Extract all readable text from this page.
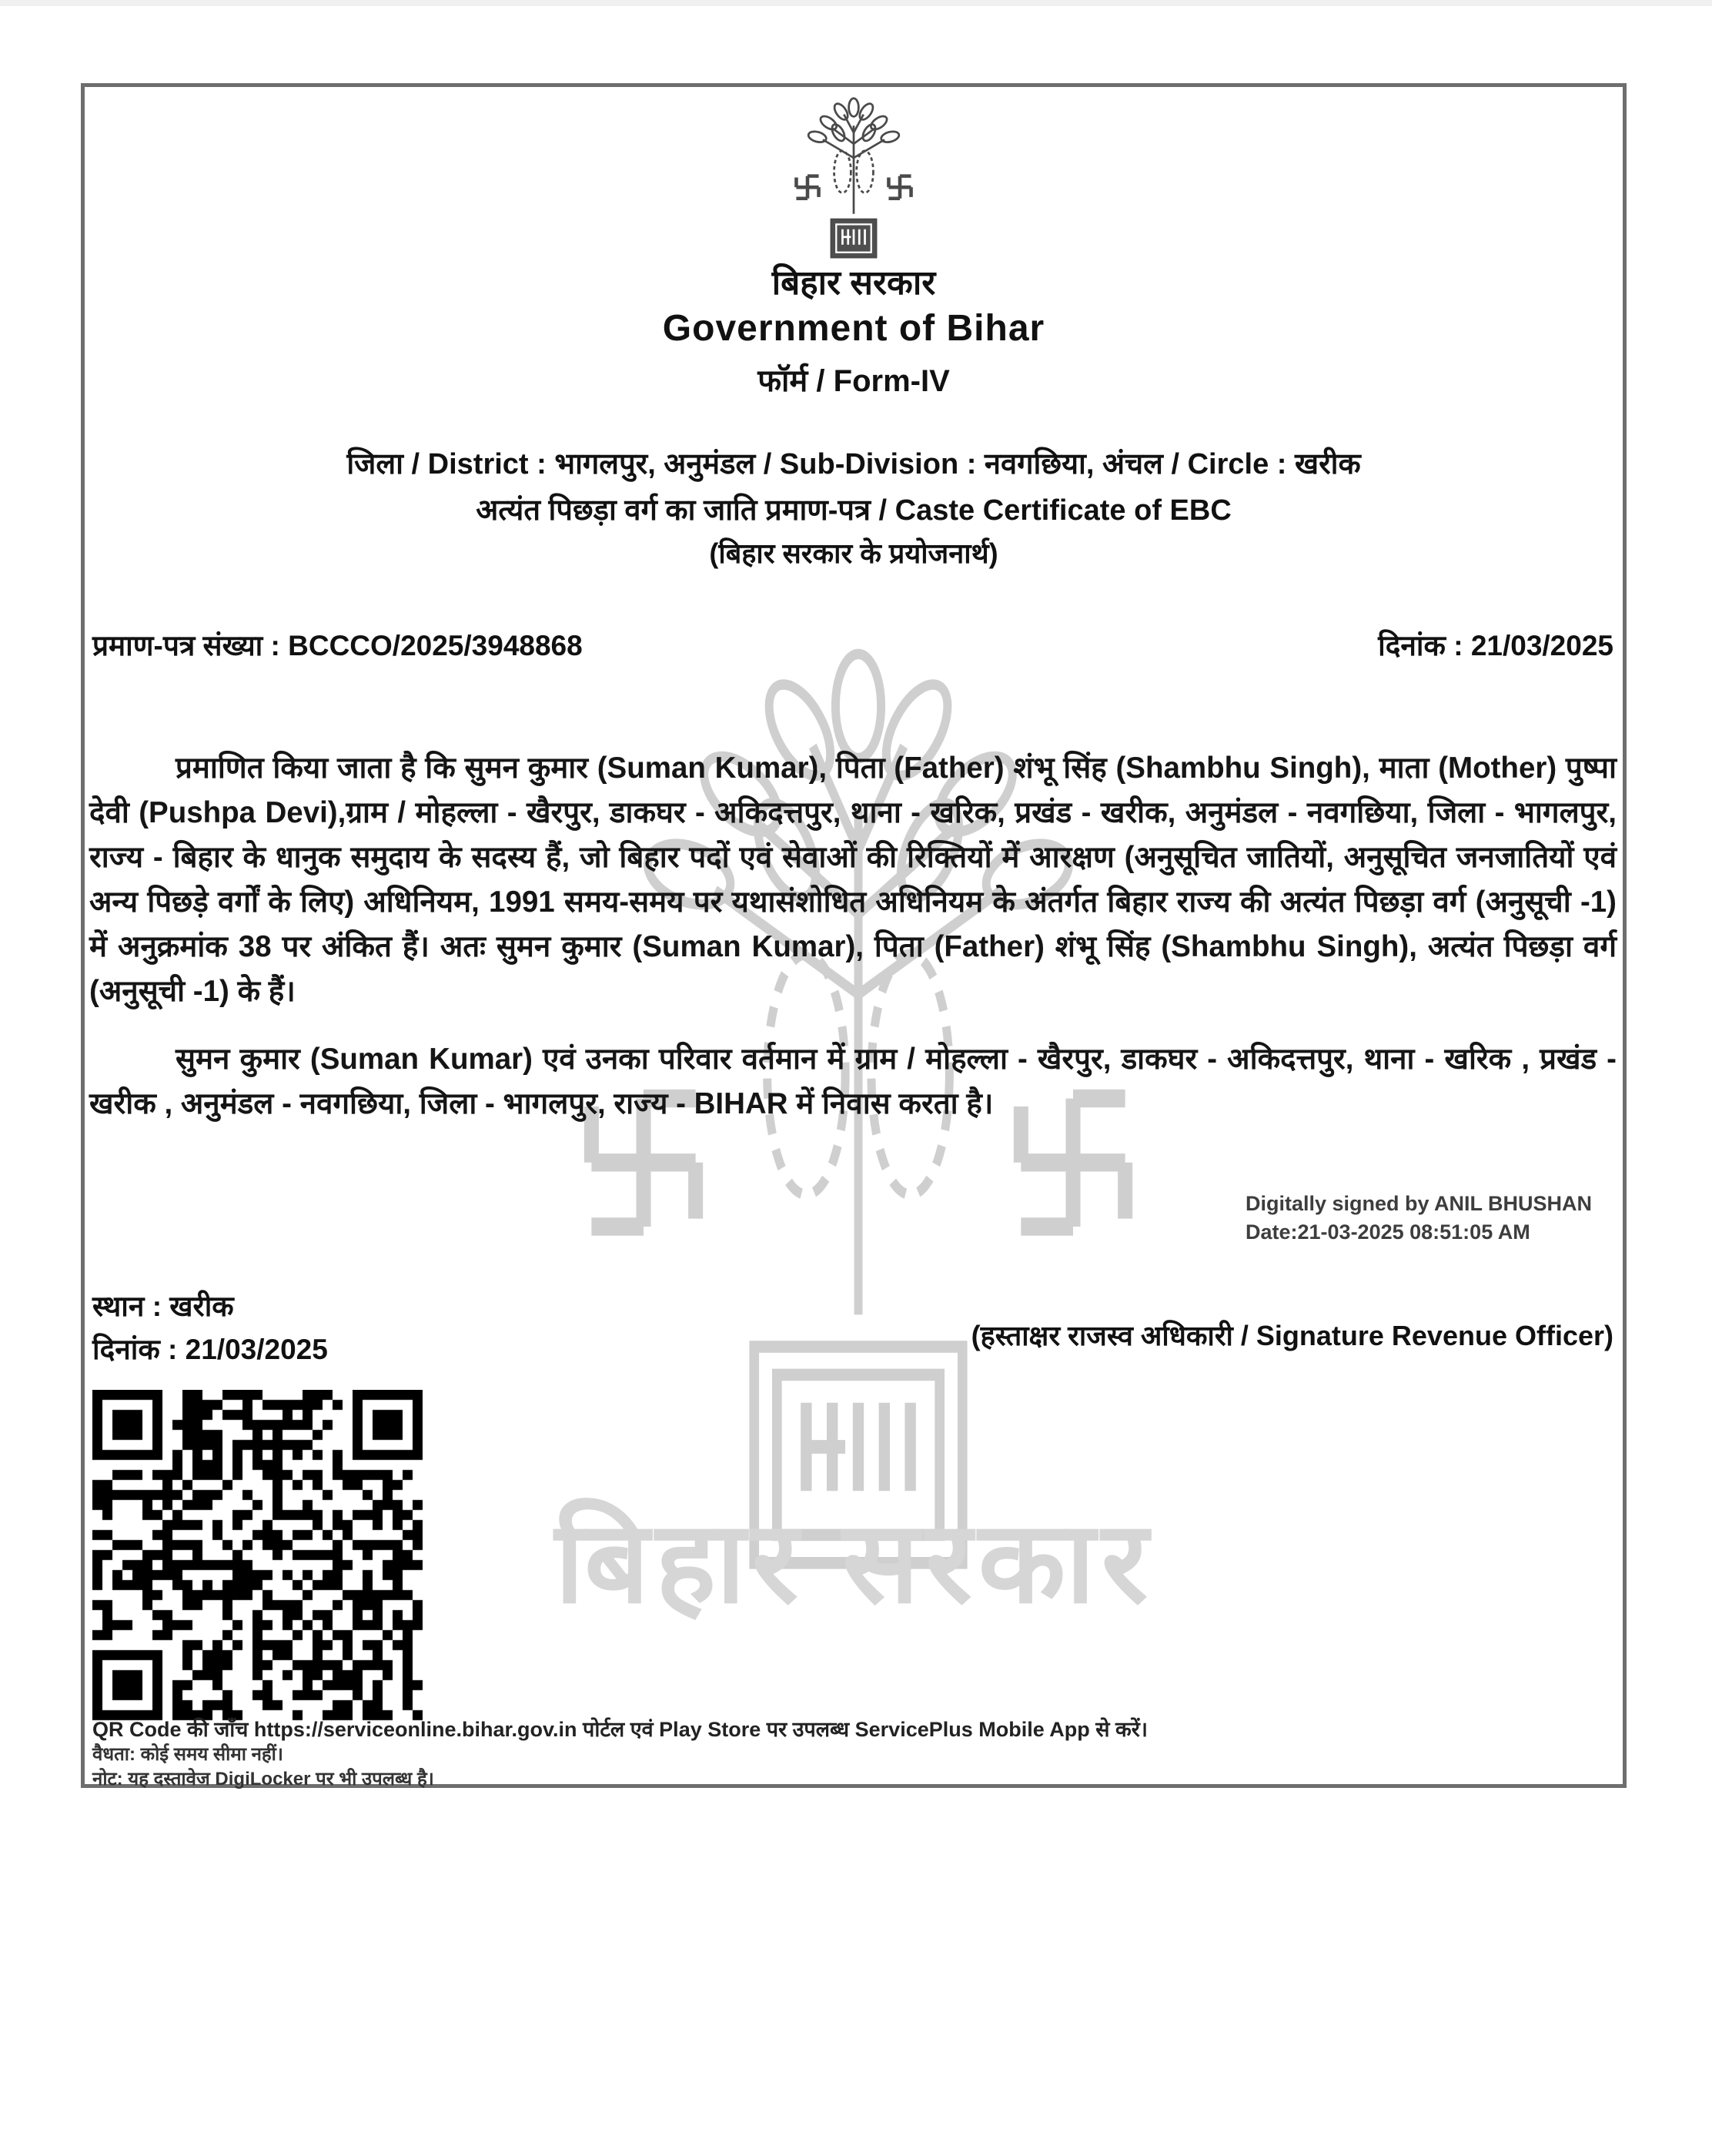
बिहार सरकार
बिहार सरकार
Government of Bihar
फॉर्म / Form-IV
जिला / District : भागलपुर, अनुमंडल / Sub-Division : नवगछिया, अंचल / Circle : खरीक
अत्यंत पिछड़ा वर्ग का जाति प्रमाण-पत्र / Caste Certificate of EBC
(बिहार सरकार के प्रयोजनार्थ)
प्रमाण-पत्र संख्या : BCCCO/2025/3948868	दिनांक : 21/03/2025
प्रमाणित किया जाता है कि सुमन कुमार (Suman Kumar), पिता (Father) शंभू सिंह (Shambhu Singh), माता (Mother) पुष्पा देवी (Pushpa Devi),ग्राम / मोहल्ला - खैरपुर, डाकघर - अकिदत्तपुर, थाना - खरिक, प्रखंड - खरीक, अनुमंडल - नवगछिया, जिला - भागलपुर, राज्य - बिहार के धानुक समुदाय के सदस्य हैं, जो बिहार पदों एवं सेवाओं की रिक्तियों में आरक्षण (अनुसूचित जातियों, अनुसूचित जनजातियों एवं अन्य पिछड़े वर्गों के लिए) अधिनियम, 1991 समय-समय पर यथासंशोधित अधिनियम के अंतर्गत बिहार राज्य की अत्यंत पिछड़ा वर्ग (अनुसूची -1) में अनुक्रमांक 38 पर अंकित हैं। अतः सुमन कुमार (Suman Kumar), पिता (Father) शंभू सिंह (Shambhu Singh), अत्यंत पिछड़ा वर्ग (अनुसूची -1) के हैं।
सुमन कुमार (Suman Kumar) एवं उनका परिवार वर्तमान में ग्राम / मोहल्ला - खैरपुर, डाकघर - अकिदत्तपुर, थाना - खरिक , प्रखंड - खरीक , अनुमंडल - नवगछिया, जिला - भागलपुर, राज्य - BIHAR में निवास करता है।
Digitally signed by ANIL BHUSHAN
Date:21-03-2025 08:51:05 AM
स्थान : खरीक
दिनांक : 21/03/2025	(हस्ताक्षर राजस्व अधिकारी / Signature Revenue Officer)
QR Code की जाँच https://serviceonline.bihar.gov.in पोर्टल एवं Play Store पर उपलब्ध ServicePlus Mobile App से करें।
वैधता: कोई समय सीमा नहीं।
नोट: यह दस्तावेज DigiLocker पर भी उपलब्ध है।
